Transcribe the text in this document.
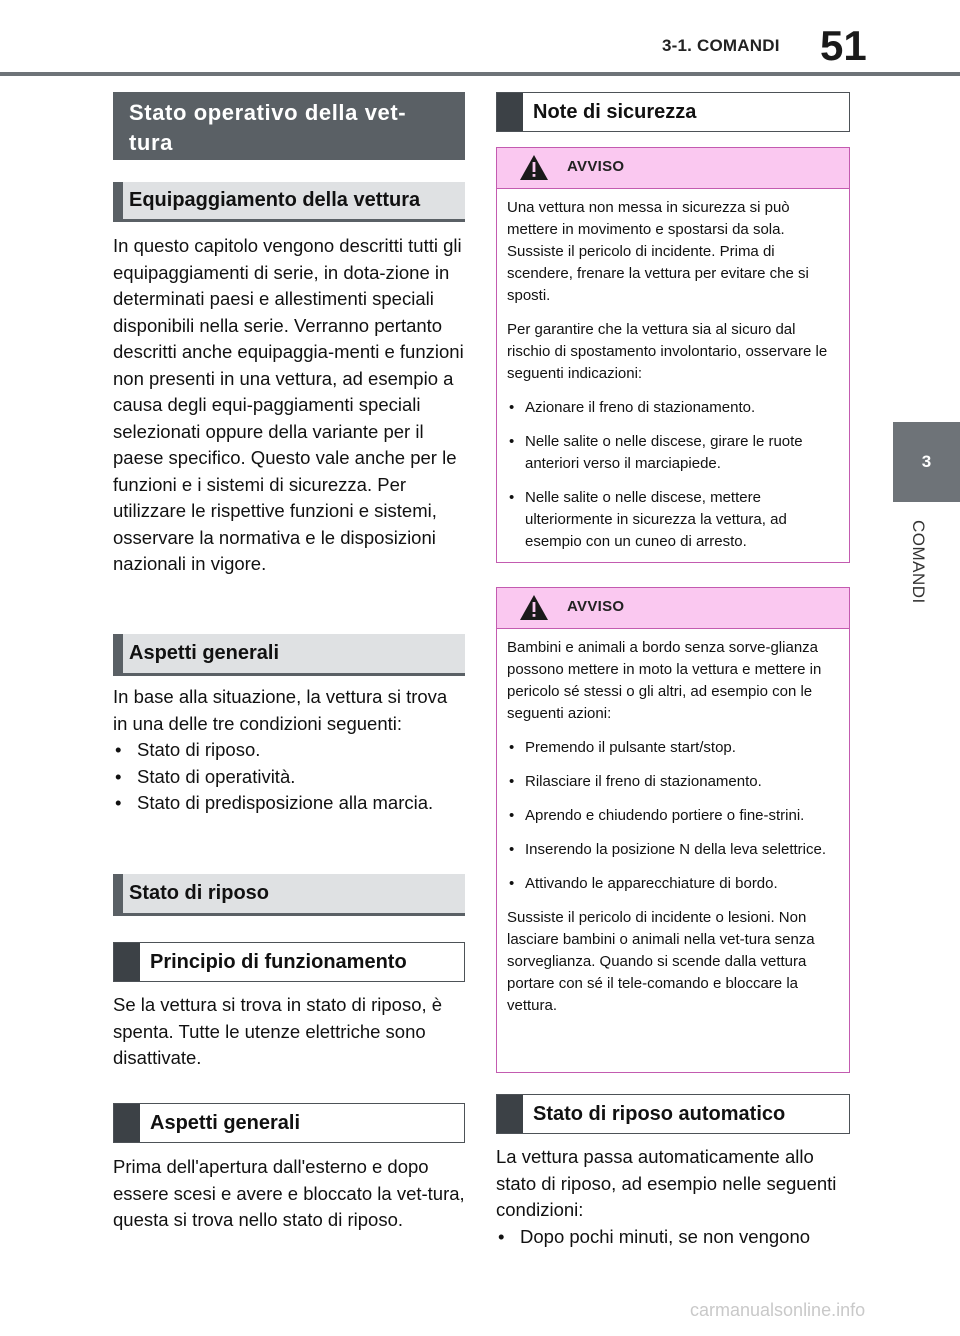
3-1. COMANDI 51
3
COMANDI
Stato operativo della vet-
tura
Equipaggiamento della vettura

In questo capitolo vengono descritti tutti gli equipaggiamenti di serie, in dota-zione in determinati paesi e allestimenti speciali disponibili nella serie. Verranno pertanto descritti anche equipaggia-menti e funzioni non presenti in una vettura, ad esempio a causa degli equi-paggiamenti speciali selezionati oppure della variante per il paese specifico. Questo vale anche per le funzioni e i sistemi di sicurezza. Per utilizzare le rispettive funzioni e sistemi, osservare la normativa e le disposizioni nazionali in vigore.

Aspetti generali

In base alla situazione, la vettura si trova in una delle tre condizioni seguenti:

• Stato di riposo.
• Stato di operatività.
• Stato di predisposizione alla marcia.
Stato di riposo
Principio di funzionamento

Se la vettura si trova in stato di riposo, è spenta. Tutte le utenze elettriche sono disattivate.

Aspetti generali

Prima dell'apertura dall'esterno e dopo essere scesi e avere e bloccato la vet-tura, questa si trova nello stato di riposo.

Note di sicurezza
AVVISO

Una vettura non messa in sicurezza si può mettere in movimento e spostarsi da sola. Sussiste il pericolo di incidente. Prima di scendere, frenare la vettura per evitare che si sposti.

Per garantire che la vettura sia al sicuro dal rischio di spostamento involontario, osservare le seguenti indicazioni:

• Azionare il freno di stazionamento.
• Nelle salite o nelle discese, girare le ruote anteriori verso il marciapiede.
• Nelle salite o nelle discese, mettere ulteriormente in sicurezza la vettura, ad esempio con un cuneo di arresto.
AVVISO

Bambini e animali a bordo senza sorve-glianza possono mettere in moto la vettura e mettere in pericolo sé stessi o gli altri, ad esempio con le seguenti azioni:

• Premendo il pulsante start/stop.
• Rilasciare il freno di stazionamento.
• Aprendo e chiudendo portiere o fine-strini.
• Inserendo la posizione N della leva selettrice.
• Attivando le apparecchiature di bordo.

Sussiste il pericolo di incidente o lesioni. Non lasciare bambini o animali nella vet-tura senza sorveglianza. Quando si scende dalla vettura portare con sé il tele-comando e bloccare la vettura.

Stato di riposo automatico

La vettura passa automaticamente allo stato di riposo, ad esempio nelle seguenti condizioni:

• Dopo pochi minuti, se non vengono
carmanualsonline.info
